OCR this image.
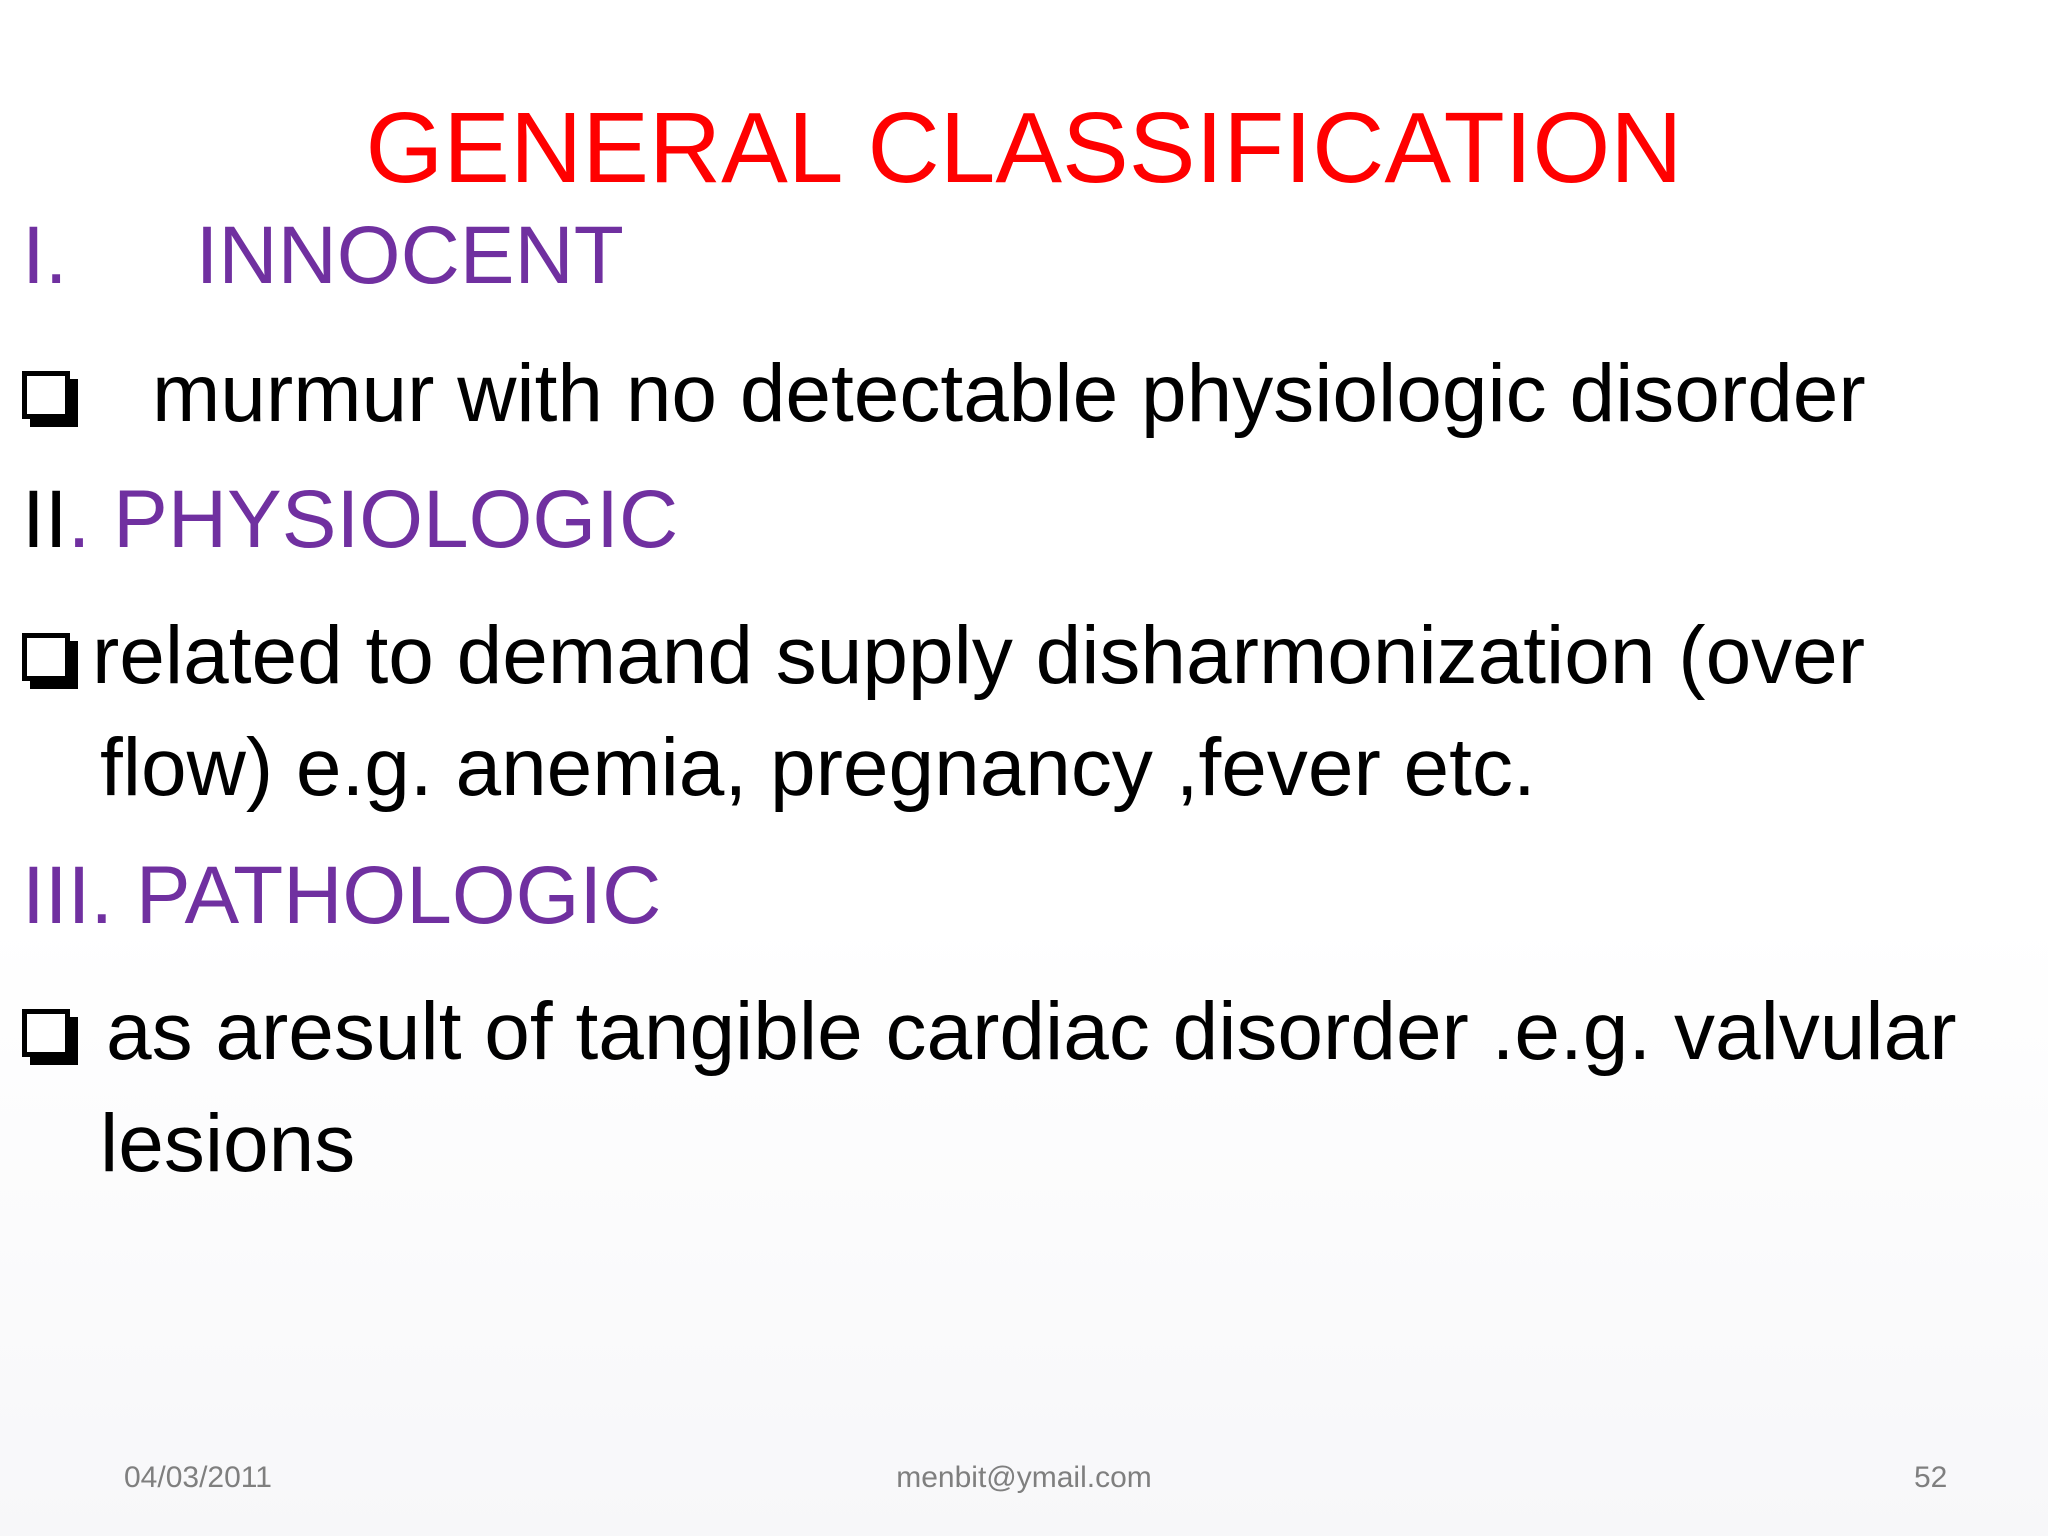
GENERAL CLASSIFICATION
I. INNOCENT
murmur with no detectable physiologic disorder
II. PHYSIOLOGIC
related to demand supply disharmonization (over
flow) e.g. anemia, pregnancy ,fever etc.
III. PATHOLOGIC
as aresult of tangible cardiac disorder .e.g. valvular
lesions
04/03/2011	menbit@ymail.com	52
